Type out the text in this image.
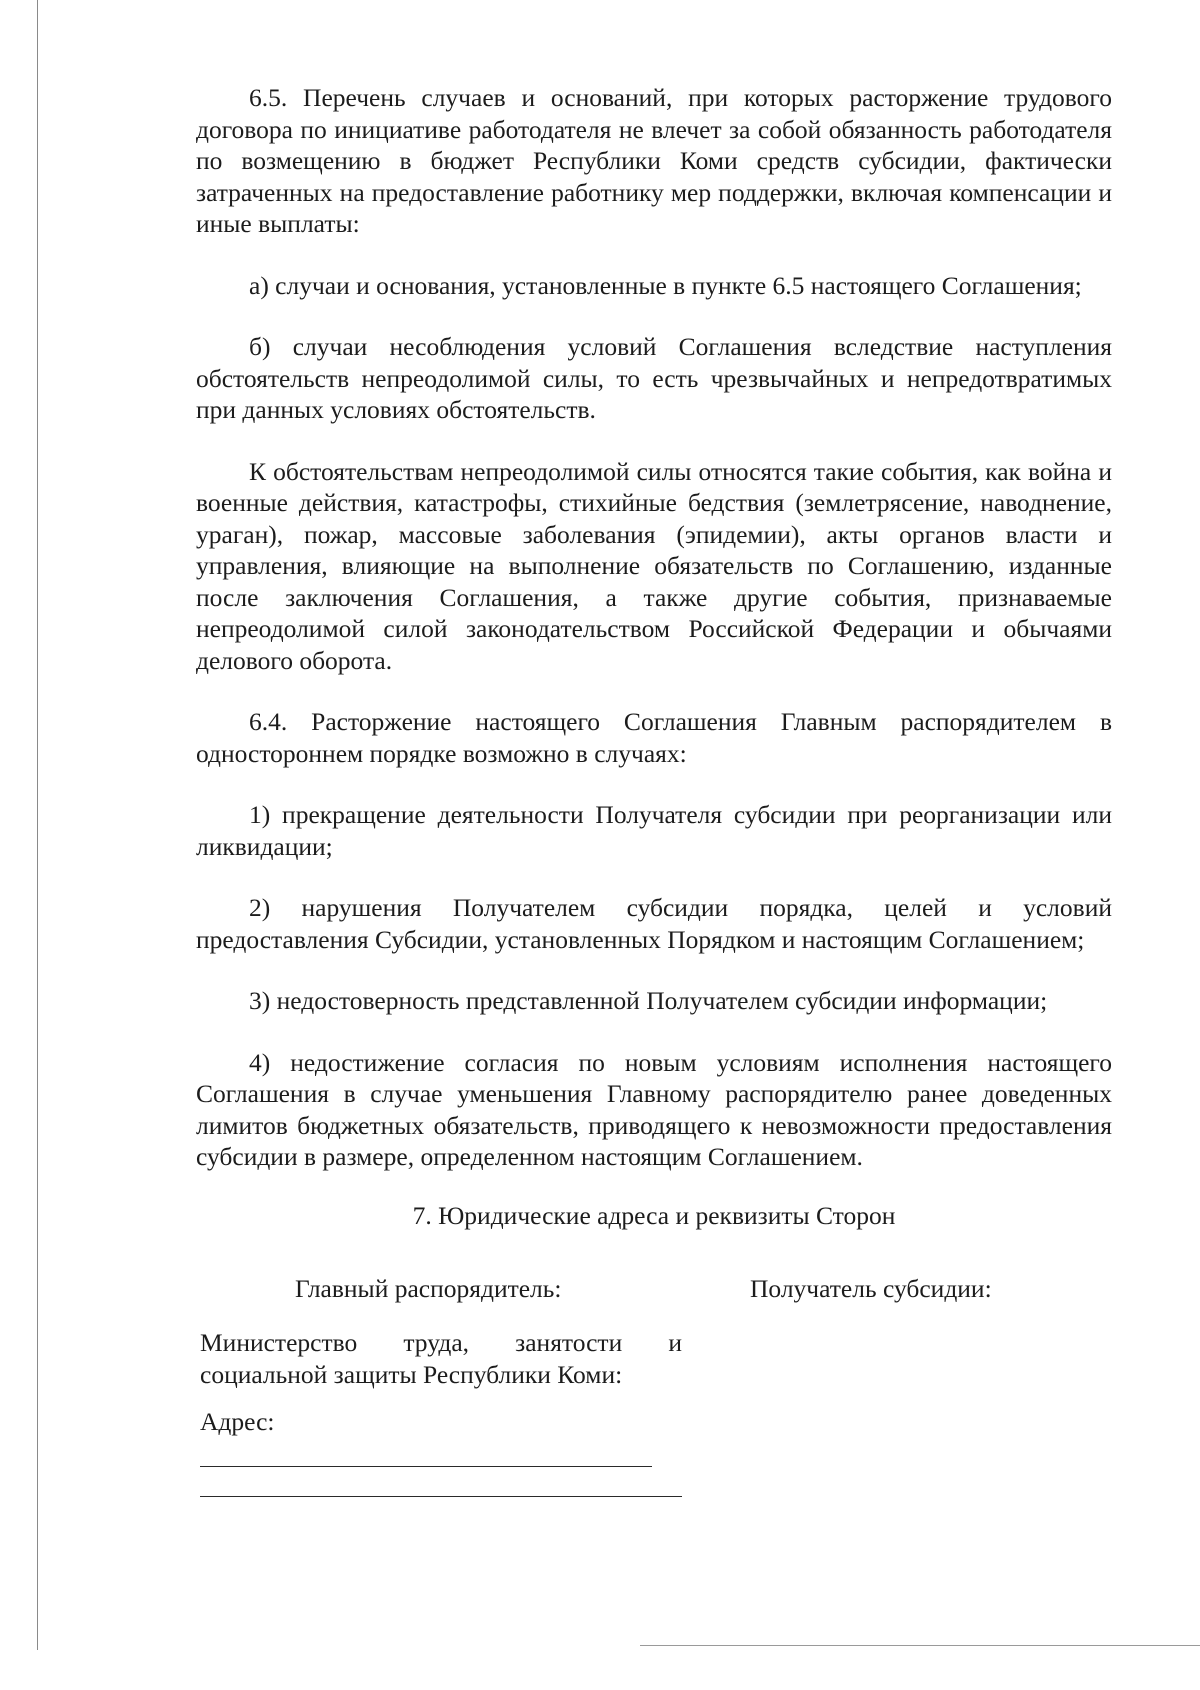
6.5. Перечень случаев и оснований, при которых расторжение трудового договора по инициативе работодателя не влечет за собой обязанность работодателя по возмещению в бюджет Республики Коми средств субсидии, фактически затраченных на предоставление работнику мер поддержки, включая компенсации и иные выплаты:

а) случаи и основания, установленные в пункте 6.5 настоящего Соглашения;

б) случаи несоблюдения условий Соглашения вследствие наступления обстоятельств непреодолимой силы, то есть чрезвычайных и непредотвратимых при данных условиях обстоятельств.

К обстоятельствам непреодолимой силы относятся такие события, как война и военные действия, катастрофы, стихийные бедствия (землетрясение, наводнение, ураган), пожар, массовые заболевания (эпидемии), акты органов власти и управления, влияющие на выполнение обязательств по Соглашению, изданные после заключения Соглашения, а также другие события, признаваемые непреодолимой силой законодательством Российской Федерации и обычаями делового оборота.

6.4. Расторжение настоящего Соглашения Главным распорядителем в одностороннем порядке возможно в случаях:

1) прекращение деятельности Получателя субсидии при реорганизации или ликвидации;

2) нарушения Получателем субсидии порядка, целей и условий предоставления Субсидии, установленных Порядком и настоящим Соглашением;

3) недостоверность представленной Получателем субсидии информации;

4) недостижение согласия по новым условиям исполнения настоящего Соглашения в случае уменьшения Главному распорядителю ранее доведенных лимитов бюджетных обязательств, приводящего к невозможности предоставления субсидии в размере, определенном настоящим Соглашением.

7. Юридические адреса и реквизиты Сторон
Главный распорядитель:	Получатель субсидии:
Министерство труда, занятости и социальной защиты Республики Коми:
Адрес:
